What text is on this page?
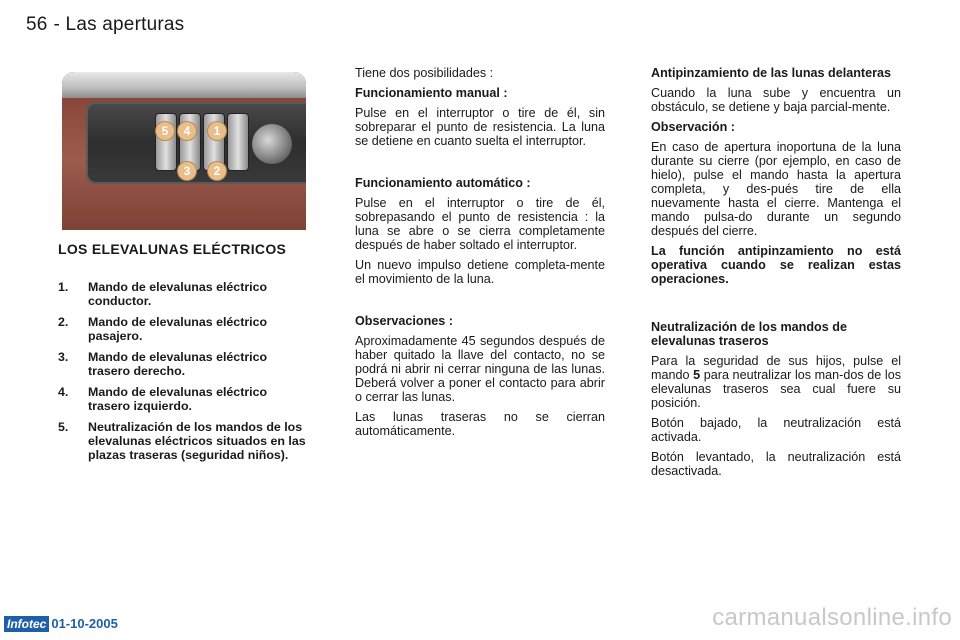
56 - Las aperturas
5	4	1
3	2
LOS ELEVALUNAS ELÉCTRICOS
1.	Mando de elevalunas eléctrico conductor.
2.	Mando de elevalunas eléctrico pasajero.
3.	Mando de elevalunas eléctrico trasero derecho.
4.	Mando de elevalunas eléctrico trasero izquierdo.
5.	Neutralización de los mandos de los elevalunas eléctricos situados en las plazas traseras (seguridad niños).

Tiene dos posibilidades :

Funcionamiento manual :

Pulse en el interruptor o tire de él, sin sobreparar el punto de resistencia. La luna se detiene en cuanto suelta el interruptor.

Funcionamiento automático :

Pulse en el interruptor o tire de él, sobrepasando el punto de resistencia : la luna se abre o se cierra completamente después de haber soltado el interruptor.

Un nuevo impulso detiene completa-mente el movimiento de la luna.

Observaciones :

Aproximadamente 45 segundos después de haber quitado la llave del contacto, no se podrá ni abrir ni cerrar ninguna de las lunas. Deberá volver a poner el contacto para abrir o cerrar las lunas.

Las lunas traseras no se cierran automáticamente.

Antipinzamiento de las lunas delanteras

Cuando la luna sube y encuentra un obstáculo, se detiene y baja parcial-mente.

Observación :

En caso de apertura inoportuna de la luna durante su cierre (por ejemplo, en caso de hielo), pulse el mando hasta la apertura completa, y des-pués tire de ella nuevamente hasta el cierre. Mantenga el mando pulsa-do durante un segundo después del cierre.

La función antipinzamiento no está operativa cuando se realizan estas operaciones.

Neutralización de los mandos de elevalunas traseros

Para la seguridad de sus hijos, pulse el mando 5 para neutralizar los man-dos de los elevalunas traseros sea cual fuere su posición.

Botón bajado, la neutralización está activada.

Botón levantado, la neutralización está desactivada.

Infotec 01-10-2005	carmanualsonline.info
